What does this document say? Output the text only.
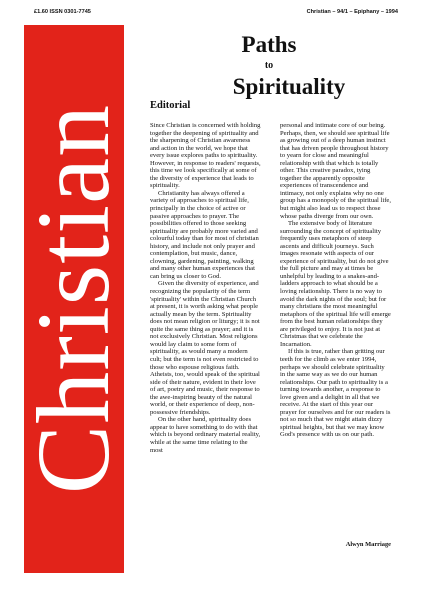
£1.60 ISSN 0301-7745	Christian – 94/1 – Epiphany – 1994
Christian
Paths
to
Spirituality
Editorial

Since Christian is concerned with holding together the deepening of spirituality and the sharpening of Christian awareness and action in the world, we hope that every issue explores paths to spirituality. However, in response to readers' requests, this time we look specifically at some of the diversity of experience that leads to spirituality.

Christianity has always offered a variety of approaches to spiritual life, principally in the choice of active or passive approaches to prayer. The possibilities offered to those seeking spirituality are probably more varied and colourful today than for most of christian history, and include not only prayer and contemplation, but music, dance, clowning, gardening, painting, walking and many other human experiences that can bring us closer to God.

Given the diversity of experience, and recognizing the popularity of the term 'spirituality' within the Christian Church at present, it is worth asking what people actually mean by the term. Spirituality does not mean religion or liturgy; it is not quite the same thing as prayer; and it is not exclusively Christian. Most religions would lay claim to some form of spirituality, as would many a modern cult; but the term is not even restricted to those who espouse religious faith. Atheists, too, would speak of the spiritual side of their nature, evident in their love of art, poetry and music, their response to the awe-inspiring beauty of the natural world, or their experience of deep, non-possessive friendships.

On the other hand, spirituality does appear to have something to do with that which is beyond ordinary material reality, while at the same time relating to the most

personal and intimate core of our being. Perhaps, then, we should see spiritual life as growing out of a deep human instinct that has driven people throughout history to yearn for close and meaningful relationship with that which is totally other. This creative paradox, tying together the apparently opposite experiences of transcendence and intimacy, not only explains why no one group has a monopoly of the spiritual life, but might also lead us to respect those whose paths diverge from our own.

The extensive body of literature surrounding the concept of spirituality frequently uses metaphors of steep ascents and difficult journeys. Such images resonate with aspects of our experience of spirituality, but do not give the full picture and may at times be unhelpful by leading to a snakes-and-ladders approach to what should be a loving relationship. There is no way to avoid the dark nights of the soul; but for many christians the most meaningful metaphors of the spiritual life will emerge from the best human relationships they are privileged to enjoy. It is not just at Christmas that we celebrate the Incarnation.

If this is true, rather than gritting our teeth for the climb as we enter 1994, perhaps we should celebrate spirituality in the same way as we do our human relationships. Our path to spirituality is a turning towards another, a response to love given and a delight in all that we receive. At the start of this year our prayer for ourselves and for our readers is not so much that we might attain dizzy spiritual heights, but that we may know God's presence with us on our path.

Alwyn Marriage
